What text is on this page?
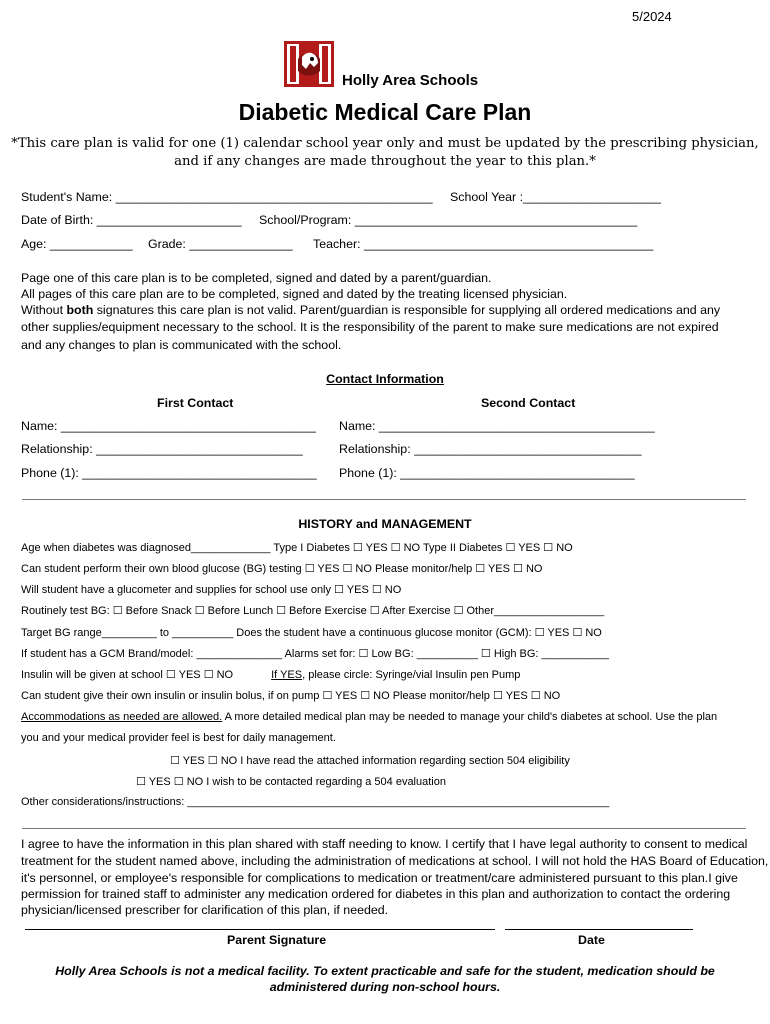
5/2024
Holly Area Schools
Diabetic Medical Care Plan
*This care plan is valid for one (1) calendar school year only and must be updated by the prescribing physician,
and if any changes are made throughout the year to this plan.*
Student's Name: ______________________________________________ School Year :____________________
Date of Birth: _____________________ School/Program: _________________________________________
Age: ____________ Grade: _______________ Teacher: __________________________________________
Page one of this care plan is to be completed, signed and dated by a parent/guardian.
All pages of this care plan are to be completed, signed and dated by the treating licensed physician.
Without both signatures this care plan is not valid. Parent/guardian is responsible for supplying all ordered medications and any
other supplies/equipment necessary to the school. It is the responsibility of the parent to make sure medications are not expired
and any changes to plan is communicated with the school.
Contact Information
First Contact	Second Contact
Name: _____________________________________ Name: ________________________________________
Relationship: ______________________________	Relationship: _________________________________
Phone (1): __________________________________ Phone (1): __________________________________
HISTORY and MANAGEMENT
Age when diabetes was diagnosed_____________ Type I Diabetes ☐ YES ☐ NO Type II Diabetes ☐ YES ☐ NO
Can student perform their own blood glucose (BG) testing ☐ YES ☐ NO Please monitor/help ☐ YES ☐ NO
Will student have a glucometer and supplies for school use only ☐ YES ☐ NO
Routinely test BG: ☐ Before Snack ☐ Before Lunch ☐ Before Exercise ☐ After Exercise ☐ Other__________________
Target BG range_________ to __________ Does the student have a continuous glucose monitor (GCM): ☐ YES ☐ NO
If student has a GCM Brand/model: ______________ Alarms set for: ☐ Low BG: __________ ☐ High BG: ___________
Insulin will be given at school ☐ YES ☐ NO	If YES, please circle: Syringe/vial Insulin pen Pump
Can student give their own insulin or insulin bolus, if on pump ☐ YES ☐ NO Please monitor/help ☐ YES ☐ NO
Accommodations as needed are allowed. A more detailed medical plan may be needed to manage your child's diabetes at school. Use the plan
you and your medical provider feel is best for daily management.
☐ YES ☐ NO I have read the attached information regarding section 504 eligibility
☐ YES ☐ NO I wish to be contacted regarding a 504 evaluation
Other considerations/instructions: _____________________________________________________________________
I agree to have the information in this plan shared with staff needing to know. I certify that I have legal authority to consent to medical
treatment for the student named above, including the administration of medications at school. I will not hold the HAS Board of Education,
it's personnel, or employee's responsible for complications to medication or treatment/care administered pursuant to this plan.I give
permission for trained staff to administer any medication ordered for diabetes in this plan and authorization to contact the ordering
physician/licensed prescriber for clarification of this plan, if needed.
Parent Signature	Date
Holly Area Schools is not a medical facility. To extent practicable and safe for the student, medication should be
administered during non-school hours.
